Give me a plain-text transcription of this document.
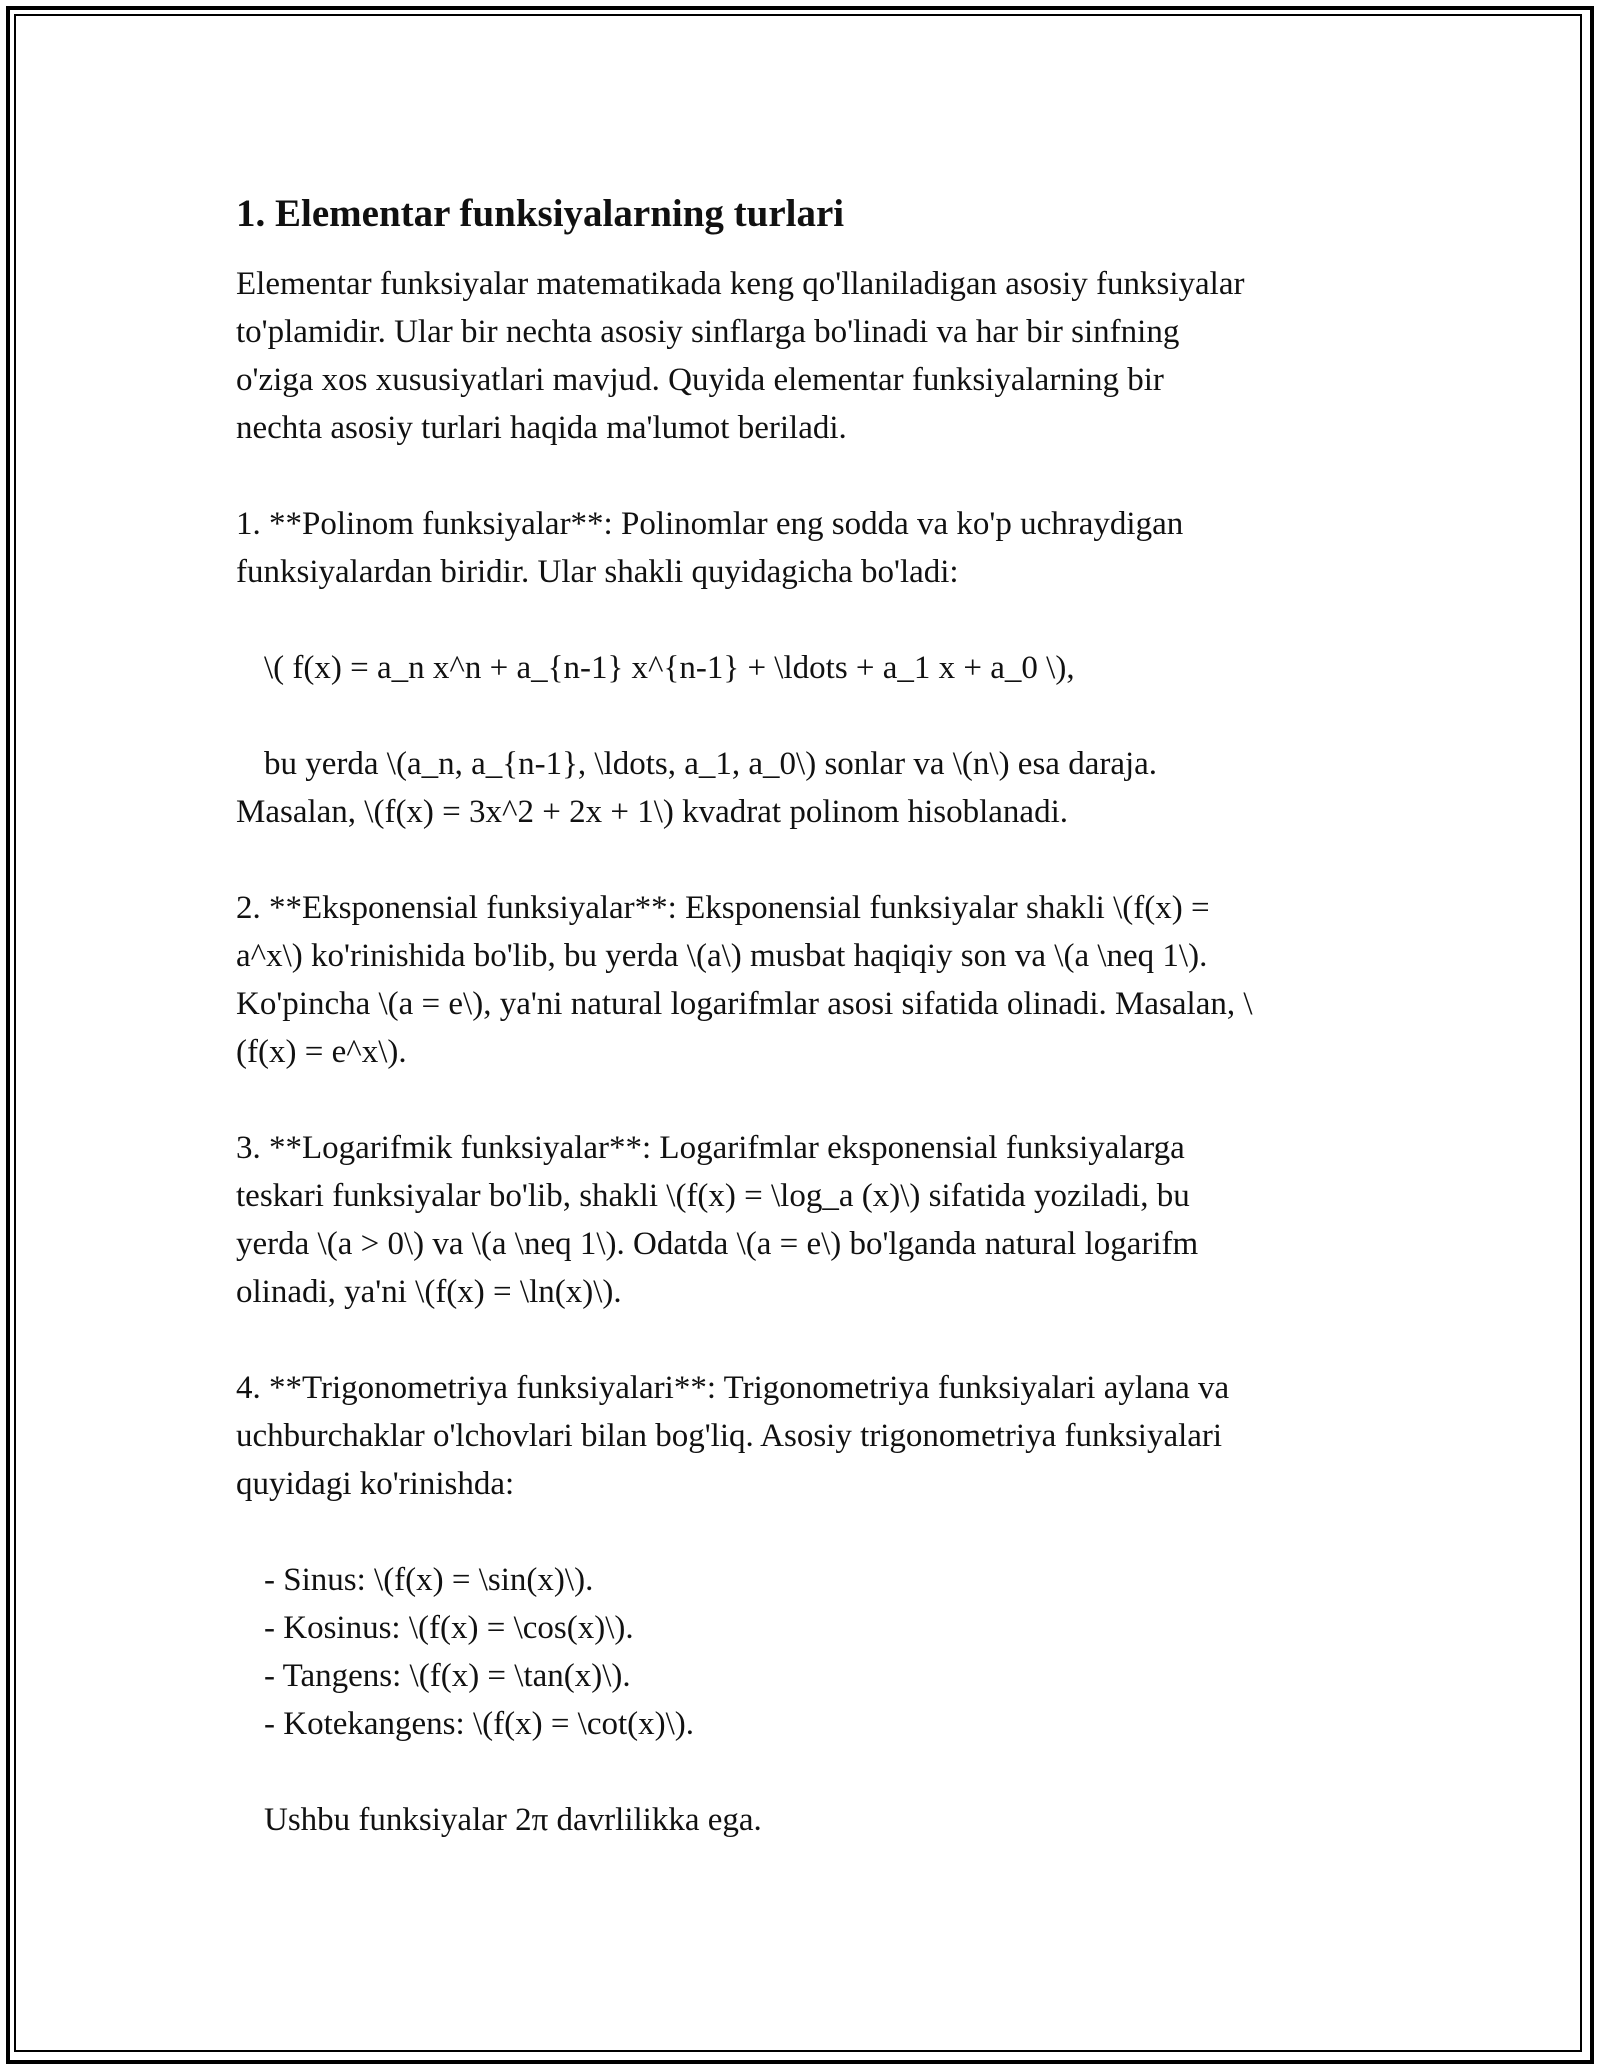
1. Elementar funksiyalarning turlari
Elementar funksiyalar matematikada keng qo'llaniladigan asosiy funksiyalar
to'plamidir. Ular bir nechta asosiy sinflarga bo'linadi va har bir sinfning
o'ziga xos xususiyatlari mavjud. Quyida elementar funksiyalarning bir
nechta asosiy turlari haqida ma'lumot beriladi.
1. **Polinom funksiyalar**: Polinomlar eng sodda va ko'p uchraydigan
funksiyalardan biridir. Ular shakli quyidagicha bo'ladi:
\( f(x) = a_n x^n + a_{n-1} x^{n-1} + \ldots + a_1 x + a_0 \),
bu yerda \(a_n, a_{n-1}, \ldots, a_1, a_0\) sonlar va \(n\) esa daraja.
Masalan, \(f(x) = 3x^2 + 2x + 1\) kvadrat polinom hisoblanadi.
2. **Eksponensial funksiyalar**: Eksponensial funksiyalar shakli \(f(x) =
a^x\) ko'rinishida bo'lib, bu yerda \(a\) musbat haqiqiy son va \(a \neq 1\).
Ko'pincha \(a = e\), ya'ni natural logarifmlar asosi sifatida olinadi. Masalan, \
(f(x) = e^x\).
3. **Logarifmik funksiyalar**: Logarifmlar eksponensial funksiyalarga
teskari funksiyalar bo'lib, shakli \(f(x) = \log_a (x)\) sifatida yoziladi, bu
yerda \(a > 0\) va \(a \neq 1\). Odatda \(a = e\) bo'lganda natural logarifm
olinadi, ya'ni \(f(x) = \ln(x)\).
4. **Trigonometriya funksiyalari**: Trigonometriya funksiyalari aylana va
uchburchaklar o'lchovlari bilan bog'liq. Asosiy trigonometriya funksiyalari
quyidagi ko'rinishda:
- Sinus: \(f(x) = \sin(x)\).
- Kosinus: \(f(x) = \cos(x)\).
- Tangens: \(f(x) = \tan(x)\).
- Kotekangens: \(f(x) = \cot(x)\).
Ushbu funksiyalar 2π davrlilikka ega.
